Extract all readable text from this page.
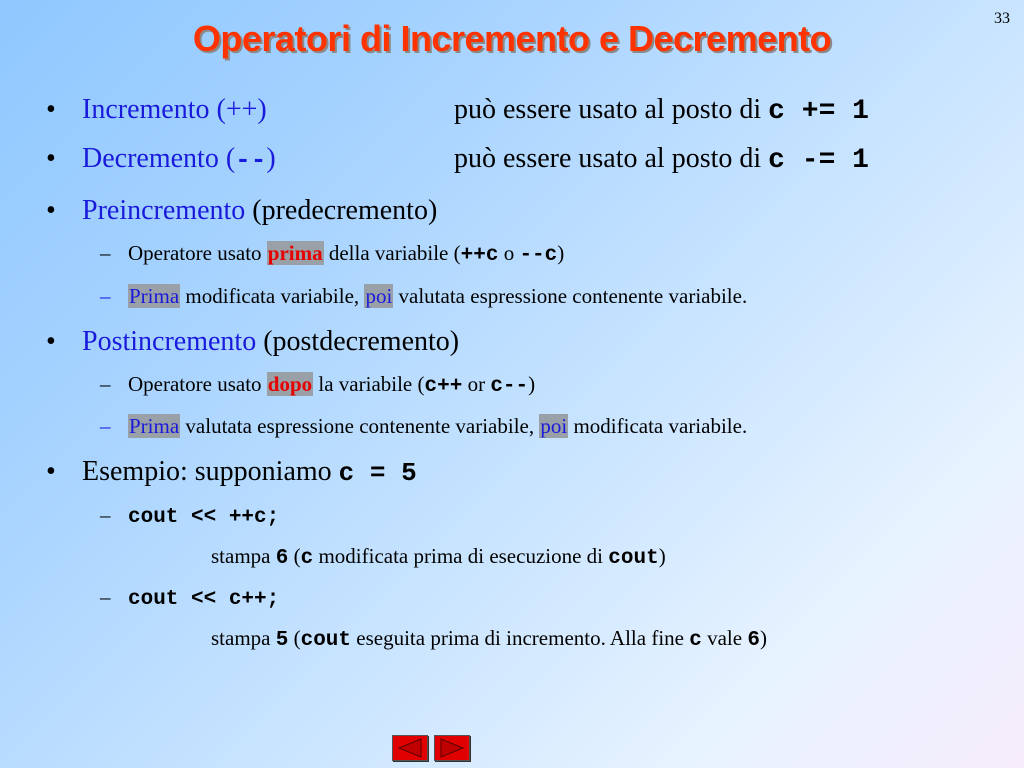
33
Operatori di Incremento e Decremento
• Incremento (++)	può essere usato al posto di c += 1
• Decremento (--)	può essere usato al posto di c -= 1
• Preincremento (predecremento)
– Operatore usato prima della variabile (++c o --c)
– Prima modificata variabile, poi valutata espressione contenente variabile.
• Postincremento (postdecremento)
– Operatore usato dopo la variabile (c++ or c--)
– Prima valutata espressione contenente variabile, poi modificata variabile.
• Esempio: supponiamo c = 5
– cout << ++c;
stampa 6 (c modificata prima di esecuzione di cout)
– cout << c++;
stampa 5 (cout eseguita prima di incremento. Alla fine c vale 6)
